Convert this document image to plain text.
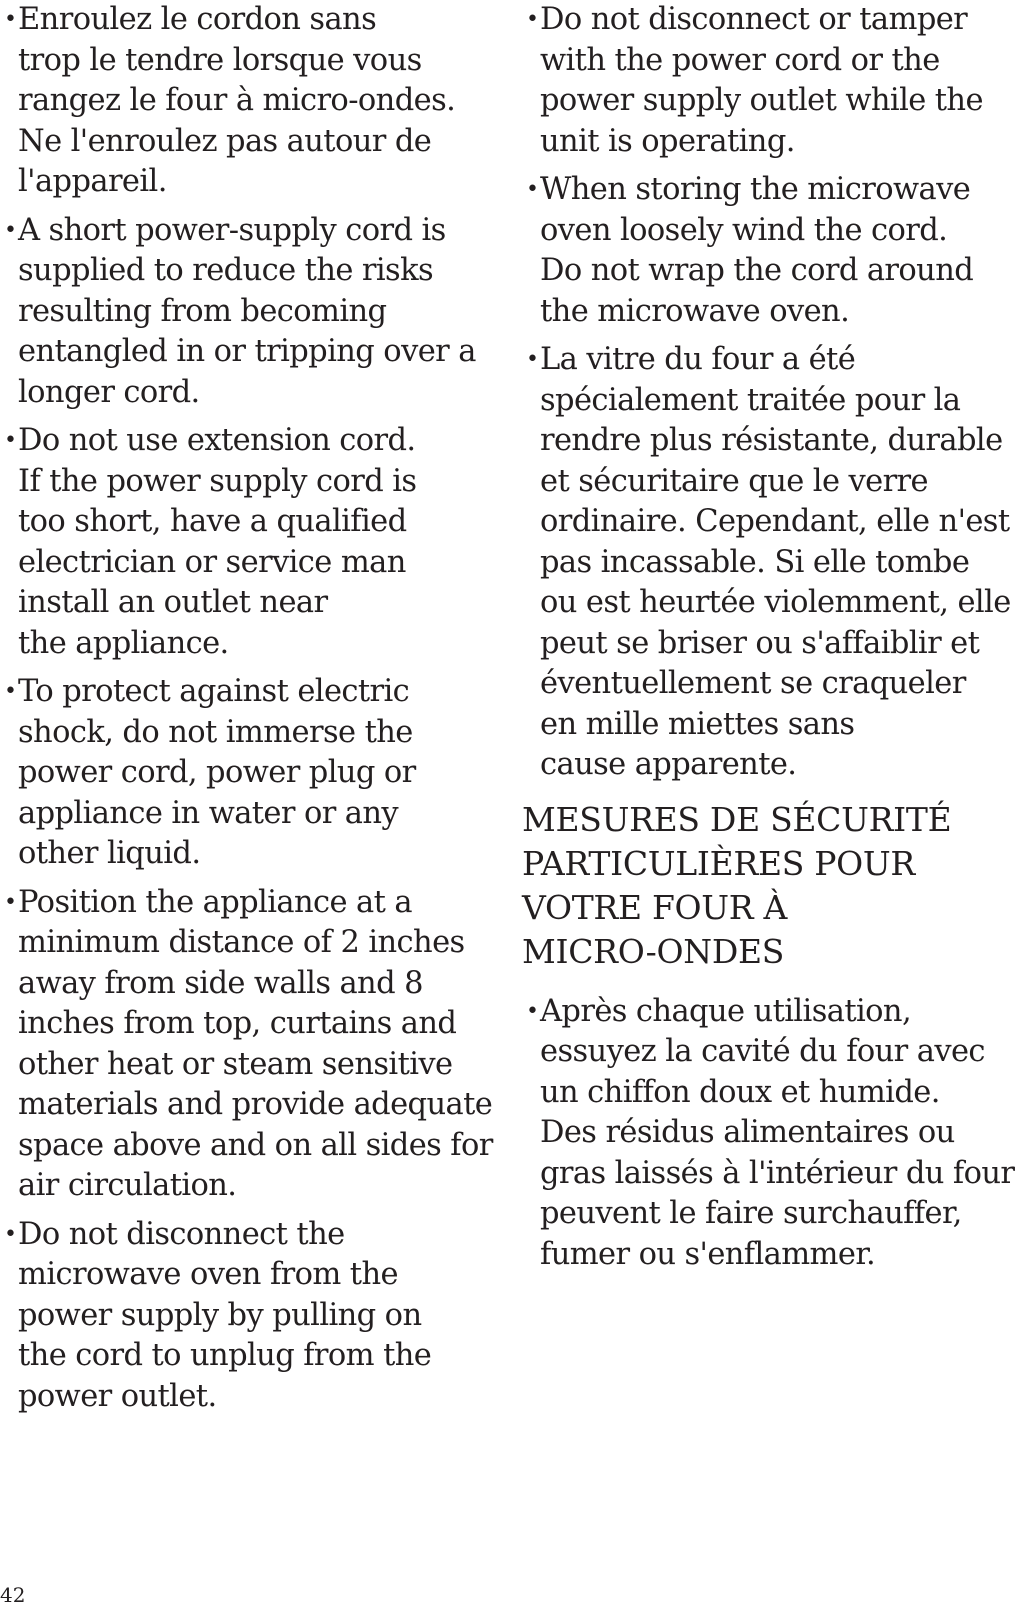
• Enroulez le cordon sans
trop le tendre lorsque vous
rangez le four à micro-ondes.
Ne l'enroulez pas autour de
l'appareil.
• A short power-supply cord is
supplied to reduce the risks
resulting from becoming
entangled in or tripping over a
longer cord.
• Do not use extension cord.
If the power supply cord is
too short, have a qualified
electrician or service man
install an outlet near
the appliance.
• To protect against electric
shock, do not immerse the
power cord, power plug or
appliance in water or any
other liquid.
• Position the appliance at a
minimum distance of 2 inches
away from side walls and 8
inches from top, curtains and
other heat or steam sensitive
materials and provide adequate
space above and on all sides for
air circulation.
• Do not disconnect the
microwave oven from the
power supply by pulling on
the cord to unplug from the
power outlet.
• Do not disconnect or tamper
with the power cord or the
power supply outlet while the
unit is operating.
• When storing the microwave
oven loosely wind the cord.
Do not wrap the cord around
the microwave oven.
• La vitre du four a été
spécialement traitée pour la
rendre plus résistante, durable
et sécuritaire que le verre
ordinaire. Cependant, elle n'est
pas incassable. Si elle tombe
ou est heurtée violemment, elle
peut se briser ou s'affaiblir et
éventuellement se craqueler
en mille miettes sans
cause apparente.
MESURES DE SÉCURITÉ
PARTICULIÈRES POUR
VOTRE FOUR À
MICRO-ONDES
• Après chaque utilisation,
essuyez la cavité du four avec
un chiffon doux et humide.
Des résidus alimentaires ou
gras laissés à l'intérieur du four
peuvent le faire surchauffer,
fumer ou s'enflammer.
42
